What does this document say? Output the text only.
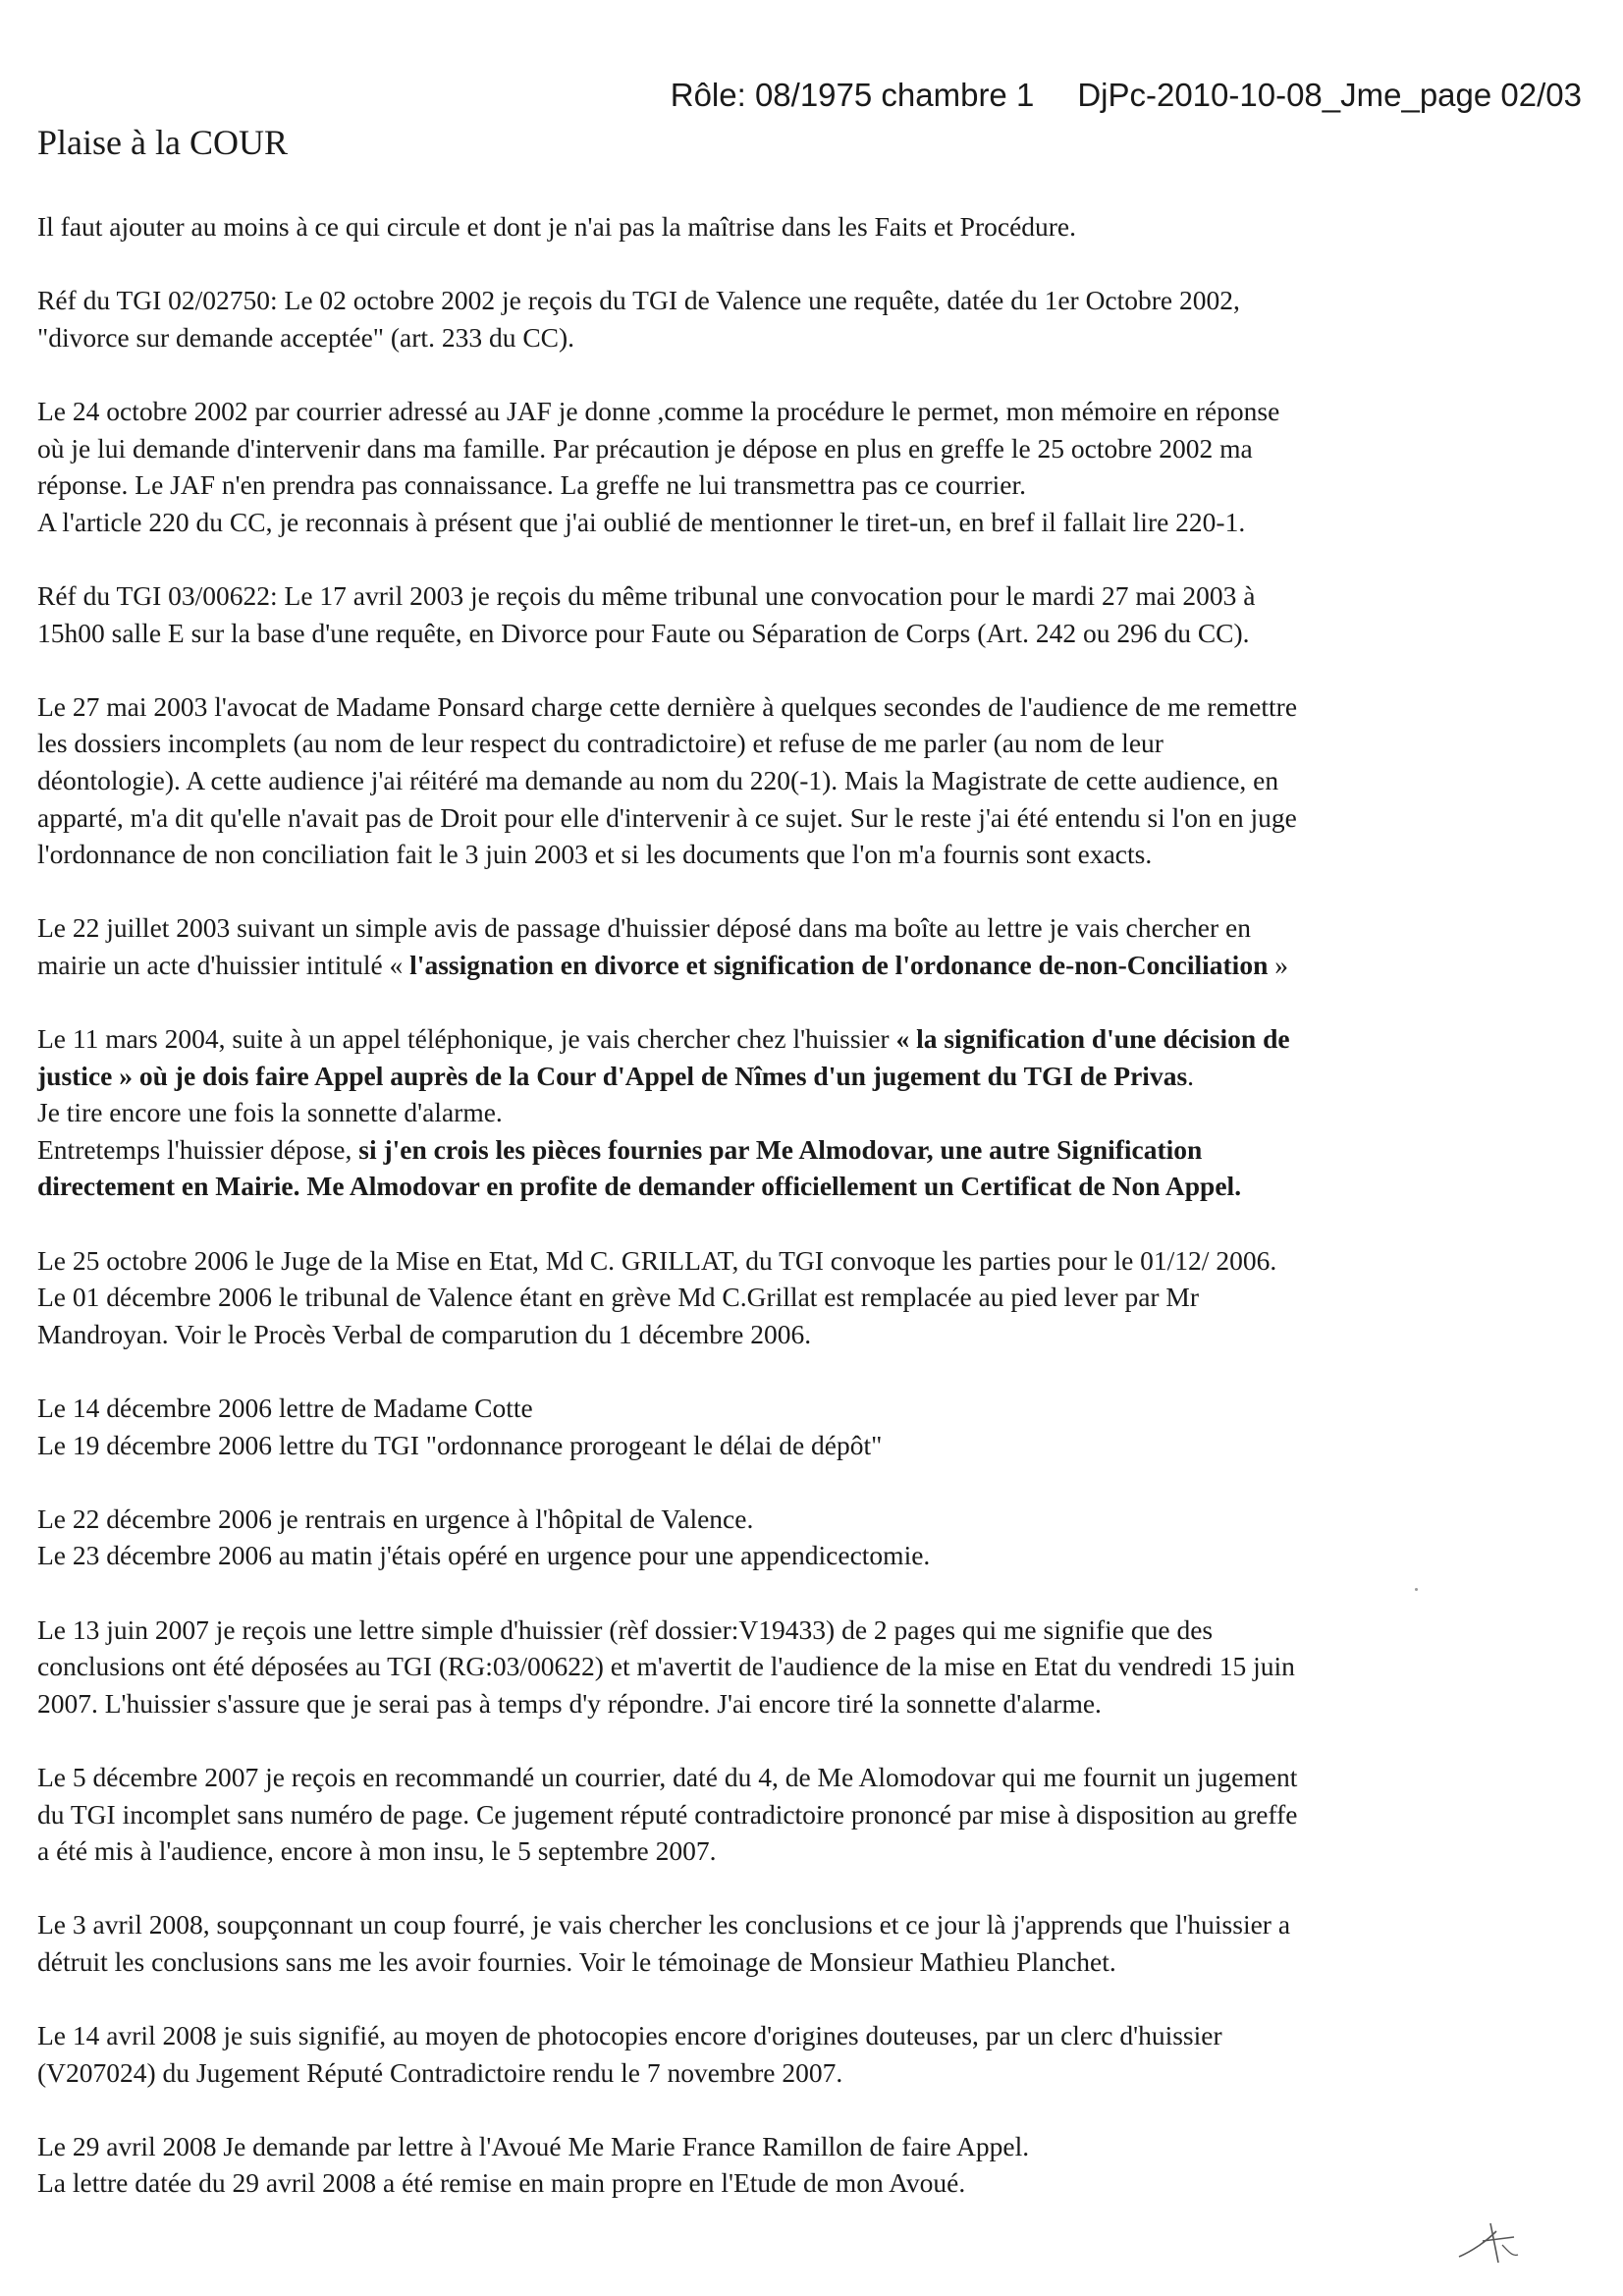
Rôle: 08/1975 chambre 1 DjPc-2010-10-08_Jme_page 02/03
Plaise à la COUR

Il faut ajouter au moins à ce qui circule et dont je n'ai pas la maîtrise dans les Faits et Procédure.

Réf du TGI 02/02750: Le 02 octobre 2002 je reçois du TGI de Valence une requête, datée du 1er Octobre 2002,
"divorce sur demande acceptée" (art. 233 du CC).

Le 24 octobre 2002 par courrier adressé au JAF je donne ,comme la procédure le permet, mon mémoire en réponse
où je lui demande d'intervenir dans ma famille. Par précaution je dépose en plus en greffe le 25 octobre 2002 ma
réponse. Le JAF n'en prendra pas connaissance. La greffe ne lui transmettra pas ce courrier.
A l'article 220 du CC, je reconnais à présent que j'ai oublié de mentionner le tiret-un, en bref il fallait lire 220-1.

Réf du TGI 03/00622: Le 17 avril 2003 je reçois du même tribunal une convocation pour le mardi 27 mai 2003 à
15h00 salle E sur la base d'une requête, en Divorce pour Faute ou Séparation de Corps (Art. 242 ou 296 du CC).

Le 27 mai 2003 l'avocat de Madame Ponsard charge cette dernière à quelques secondes de l'audience de me remettre
les dossiers incomplets (au nom de leur respect du contradictoire) et refuse de me parler (au nom de leur
déontologie). A cette audience j'ai réitéré ma demande au nom du 220(-1). Mais la Magistrate de cette audience, en
apparté, m'a dit qu'elle n'avait pas de Droit pour elle d'intervenir à ce sujet. Sur le reste j'ai été entendu si l'on en juge
l'ordonnance de non conciliation fait le 3 juin 2003 et si les documents que l'on m'a fournis sont exacts.

Le 22 juillet 2003 suivant un simple avis de passage d'huissier déposé dans ma boîte au lettre je vais chercher en
mairie un acte d'huissier intitulé « l'assignation en divorce et signification de l'ordonance de-non-Conciliation »

Le 11 mars 2004, suite à un appel téléphonique, je vais chercher chez l'huissier « la signification d'une décision de
justice » où je dois faire Appel auprès de la Cour d'Appel de Nîmes d'un jugement du TGI de Privas.
Je tire encore une fois la sonnette d'alarme.
Entretemps l'huissier dépose, si j'en crois les pièces fournies par Me Almodovar, une autre Signification
directement en Mairie. Me Almodovar en profite de demander officiellement un Certificat de Non Appel.

Le 25 octobre 2006 le Juge de la Mise en Etat, Md C. GRILLAT, du TGI convoque les parties pour le 01/12/ 2006.
Le 01 décembre 2006 le tribunal de Valence étant en grève Md C.Grillat est remplacée au pied lever par Mr
Mandroyan. Voir le Procès Verbal de comparution du 1 décembre 2006.

Le 14 décembre 2006 lettre de Madame Cotte
Le 19 décembre 2006 lettre du TGI "ordonnance prorogeant le délai de dépôt"

Le 22 décembre 2006 je rentrais en urgence à l'hôpital de Valence.
Le 23 décembre 2006 au matin j'étais opéré en urgence pour une appendicectomie.

Le 13 juin 2007 je reçois une lettre simple d'huissier (rèf dossier:V19433) de 2 pages qui me signifie que des
conclusions ont été déposées au TGI (RG:03/00622) et m'avertit de l'audience de la mise en Etat du vendredi 15 juin
2007. L'huissier s'assure que je serai pas à temps d'y répondre. J'ai encore tiré la sonnette d'alarme.

Le 5 décembre 2007 je reçois en recommandé un courrier, daté du 4, de Me Alomodovar qui me fournit un jugement
du TGI incomplet sans numéro de page. Ce jugement réputé contradictoire prononcé par mise à disposition au greffe
a été mis à l'audience, encore à mon insu, le 5 septembre 2007.

Le 3 avril 2008, soupçonnant un coup fourré, je vais chercher les conclusions et ce jour là j'apprends que l'huissier a
détruit les conclusions sans me les avoir fournies. Voir le témoinage de Monsieur Mathieu Planchet.

Le 14 avril 2008 je suis signifié, au moyen de photocopies encore d'origines douteuses, par un clerc d'huissier
(V207024) du Jugement Réputé Contradictoire rendu le 7 novembre 2007.

Le 29 avril 2008 Je demande par lettre à l'Avoué Me Marie France Ramillon de faire Appel.
La lettre datée du 29 avril 2008 a été remise en main propre en l'Etude de mon Avoué.
